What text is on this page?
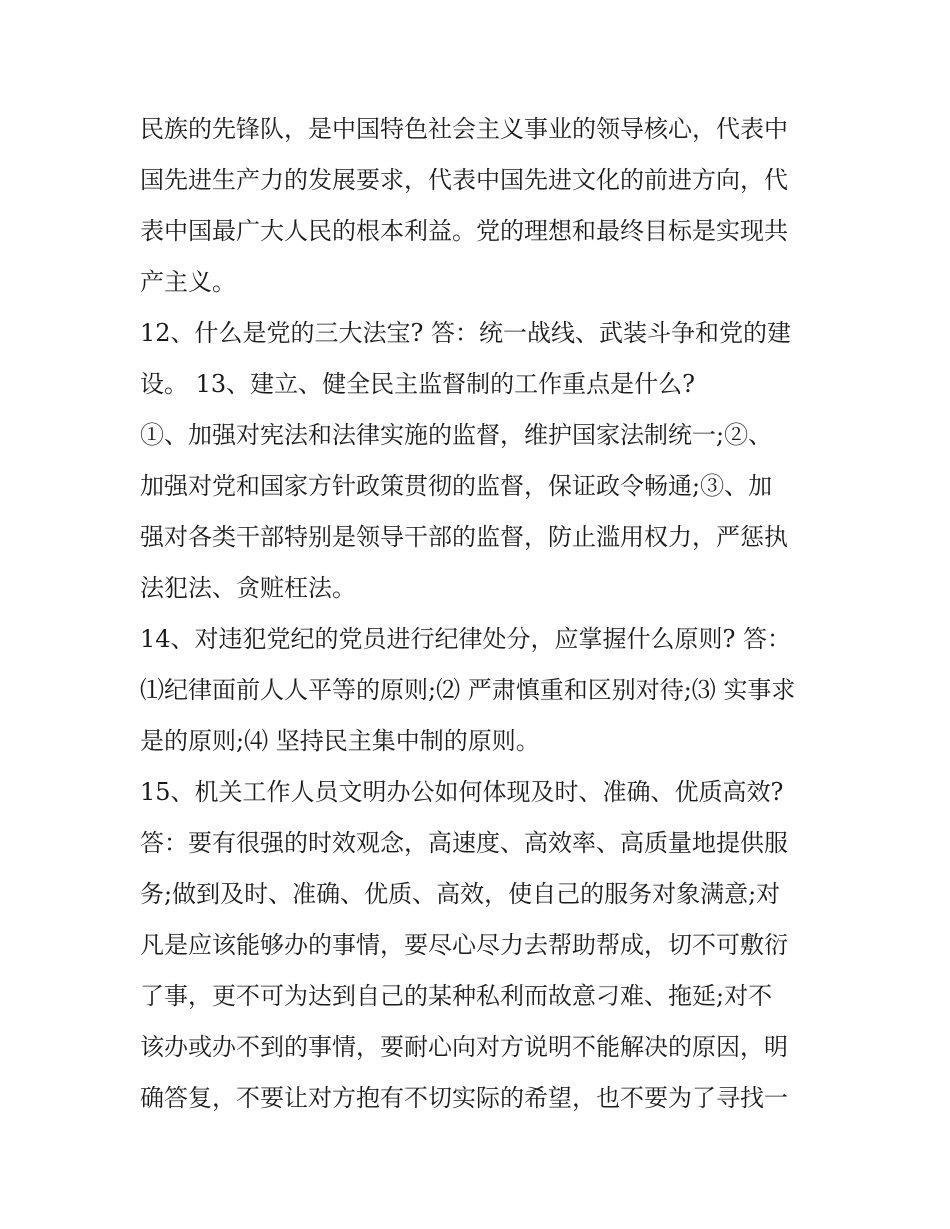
民族的先锋队，是中国特色社会主义事业的领导核心，代表中
国先进生产力的发展要求，代表中国先进文化的前进方向，代
表中国最广大人民的根本利益。党的理想和最终目标是实现共
产主义。
12、什么是党的三大法宝? 答：统一战线、武装斗争和党的建
设。 13、建立、健全民主监督制的工作重点是什么?
①、加强对宪法和法律实施的监督，维护国家法制统一;②、
加强对党和国家方针政策贯彻的监督，保证政令畅通;③、加
强对各类干部特别是领导干部的监督，防止滥用权力，严惩执
法犯法、贪赃枉法。
14、对违犯党纪的党员进行纪律处分，应掌握什么原则? 答：
⑴纪律面前人人平等的原则;⑵ 严肃慎重和区别对待;⑶ 实事求
是的原则;⑷ 坚持民主集中制的原则。
15、机关工作人员文明办公如何体现及时、准确、优质高效?
答：要有很强的时效观念，高速度、高效率、高质量地提供服
务;做到及时、准确、优质、高效，使自己的服务对象满意;对
凡是应该能够办的事情，要尽心尽力去帮助帮成，切不可敷衍
了事，更不可为达到自己的某种私利而故意刁难、拖延;对不
该办或办不到的事情，要耐心向对方说明不能解决的原因，明
确答复，不要让对方抱有不切实际的希望，也不要为了寻找一
